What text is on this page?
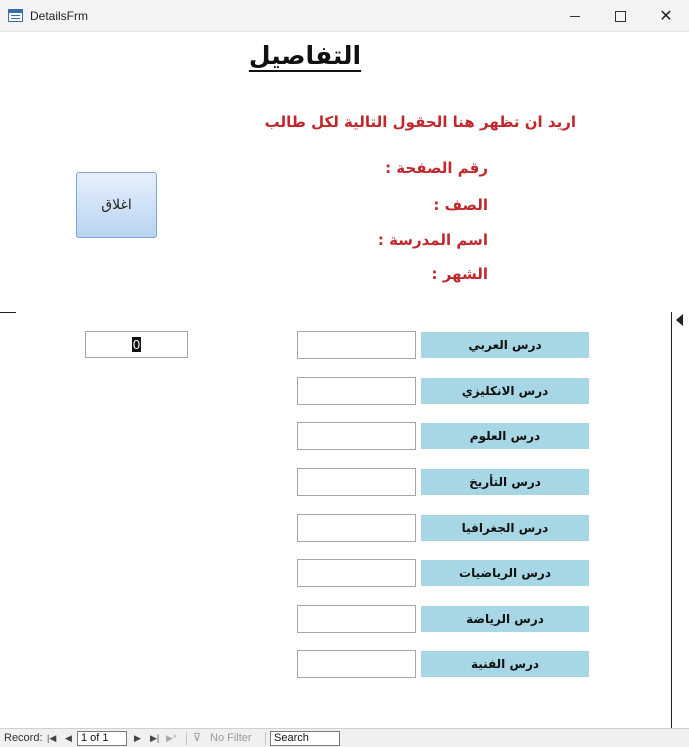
DetailsFrm	✕
التفاصيل
اريد ان تظهر هنا الحقول التالية لكل طالب
رقم الصفحة :
الصف :
اسم المدرسة :
الشهر :
اغلاق
0	درس العربي
درس الانكليزي
درس العلوم
درس التأريخ
درس الجغرافيا
درس الرياضيات
درس الرياضة
درس الفنية
Record: |◀ ◀ 1 of 1	▶ ▶| ▶* ⊽ No Filter	Search
